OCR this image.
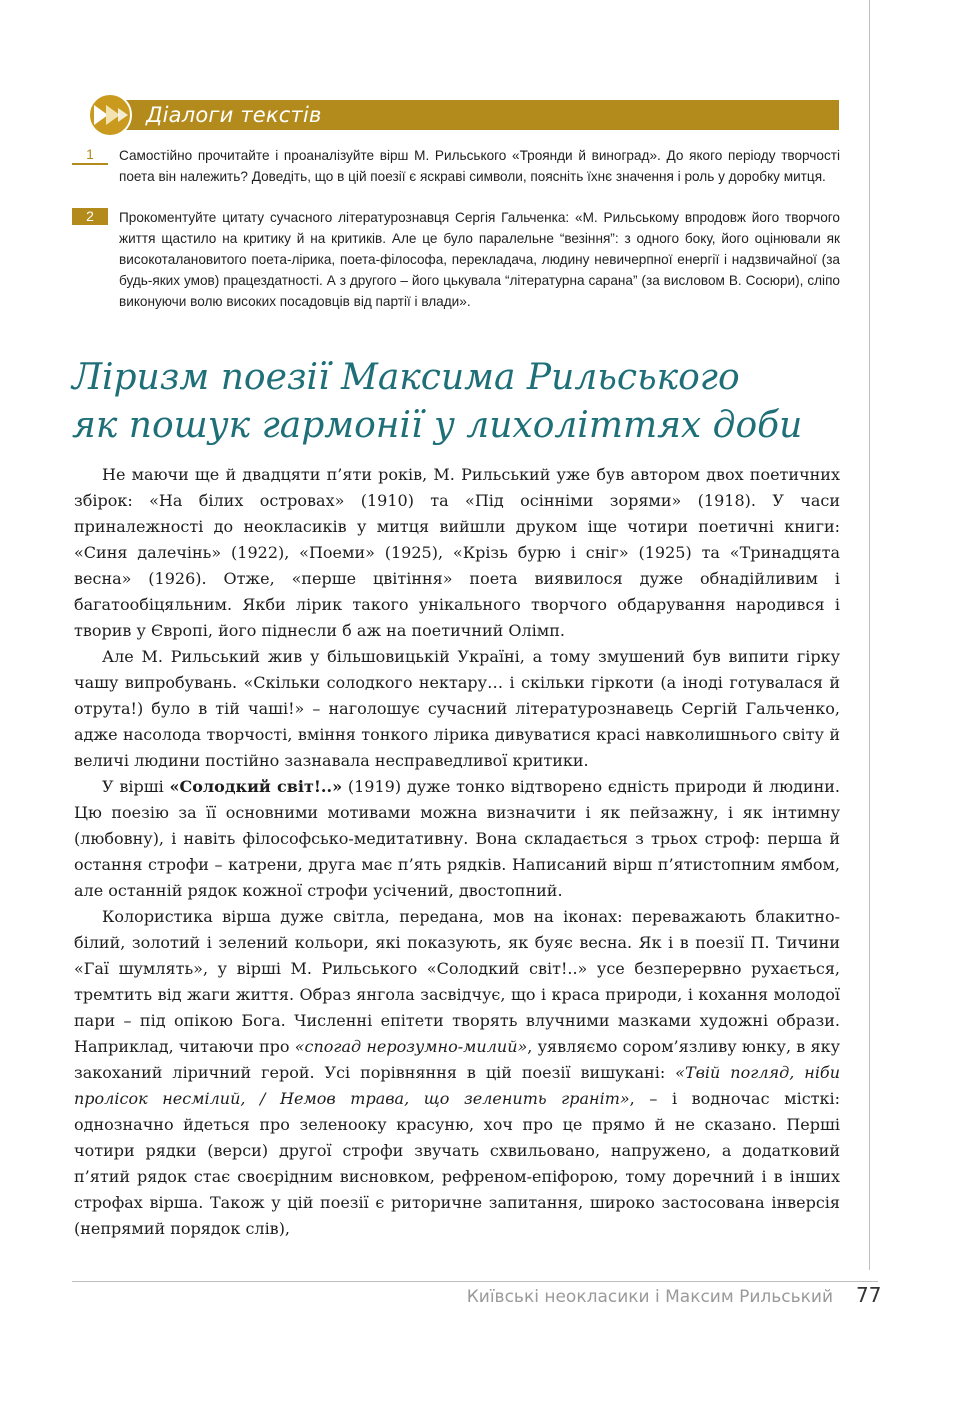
Діалоги текстів
1	Самостійно прочитайте і проаналізуйте вірш М. Рильського «Троянди й виноград». До якого періоду творчості поета він належить? Доведіть, що в цій поезії є яскраві символи, поясніть їхнє значення і роль у доробку митця.
2	Прокоментуйте цитату сучасного літературознавця Сергія Гальченка: «М. Рильському впродовж його творчого життя щастило на критику й на критиків. Але це було паралельне “везіння”: з одного боку, його оцінювали як високоталановитого поета-лірика, поета-філософа, перекладача, людину невичерпної енергії і надзвичайної (за будь-яких умов) працездатності. А з другого – його цькувала “літературна сарана” (за висловом В. Сосюри), сліпо виконуючи волю високих посадовців від партії і влади».
Ліризм поезії Максима Рильського
як пошук гармонії у лихоліттях доби

Не маючи ще й двадцяти п’яти років, М. Рильський уже був автором двох поетичних збірок: «На білих островах» (1910) та «Під осінніми зорями» (1918). У часи приналежності до неокласиків у митця вийшли друком іще чотири поетичні книги: «Синя далечінь» (1922), «Поеми» (1925), «Крізь бурю і сніг» (1925) та «Тринадцята весна» (1926). Отже, «перше цвітіння» поета виявилося дуже обнадійливим і багатообіцяльним. Якби лірик такого унікального творчого обдарування народився і творив у Європі, його піднесли б аж на поетичний Олімп.

Але М. Рильський жив у більшовицькій Україні, а тому змушений був випити гірку чашу випробувань. «Скільки солодкого нектару… і скільки гіркоти (а іноді готувалася й отрута!) було в тій чаші!» – наголошує сучасний літературознавець Сергій Гальченко, адже насолода творчості, вміння тонкого лірика дивуватися красі навколишнього світу й величі людини постійно зазнавала несправедливої критики.

У вірші «Солодкий світ!..» (1919) дуже тонко відтворено єдність природи й людини. Цю поезію за її основними мотивами можна визначити і як пейзажну, і як інтимну (любовну), і навіть філософсько-медитативну. Вона складається з трьох строф: перша й остання строфи – катрени, друга має п’ять рядків. Написаний вірш п’ятистопним ямбом, але останній рядок кожної строфи усічений, двостопний.

Колористика вірша дуже світла, передана, мов на іконах: переважають блакитно-білий, золотий і зелений кольори, які показують, як буяє весна. Як і в поезії П. Тичини «Гаї шумлять», у вірші М. Рильського «Солодкий світ!..» усе безперервно рухається, тремтить від жаги життя. Образ янгола засвідчує, що і краса природи, і кохання молодої пари – під опікою Бога. Численні епітети творять влучними мазками художні образи. Наприклад, читаючи про «спогад нерозумно-милий», уявляємо сором’язливу юнку, в яку закоханий ліричний герой. Усі порівняння в цій поезії вишукані: «Твій погляд, ніби пролісок несмілий, / Немов трава, що зеленить граніт», – і водночас місткі: однозначно йдеться про зеленооку красуню, хоч про це прямо й не сказано. Перші чотири рядки (верси) другої строфи звучать схвильовано, напружено, а додатковий п’ятий рядок стає своєрідним висновком, рефреном-епіфорою, тому доречний і в інших строфах вірша. Також у цій поезії є риторичне запитання, широко застосована інверсія (непрямий порядок слів),

Київські неокласики і Максим Рильський 77
